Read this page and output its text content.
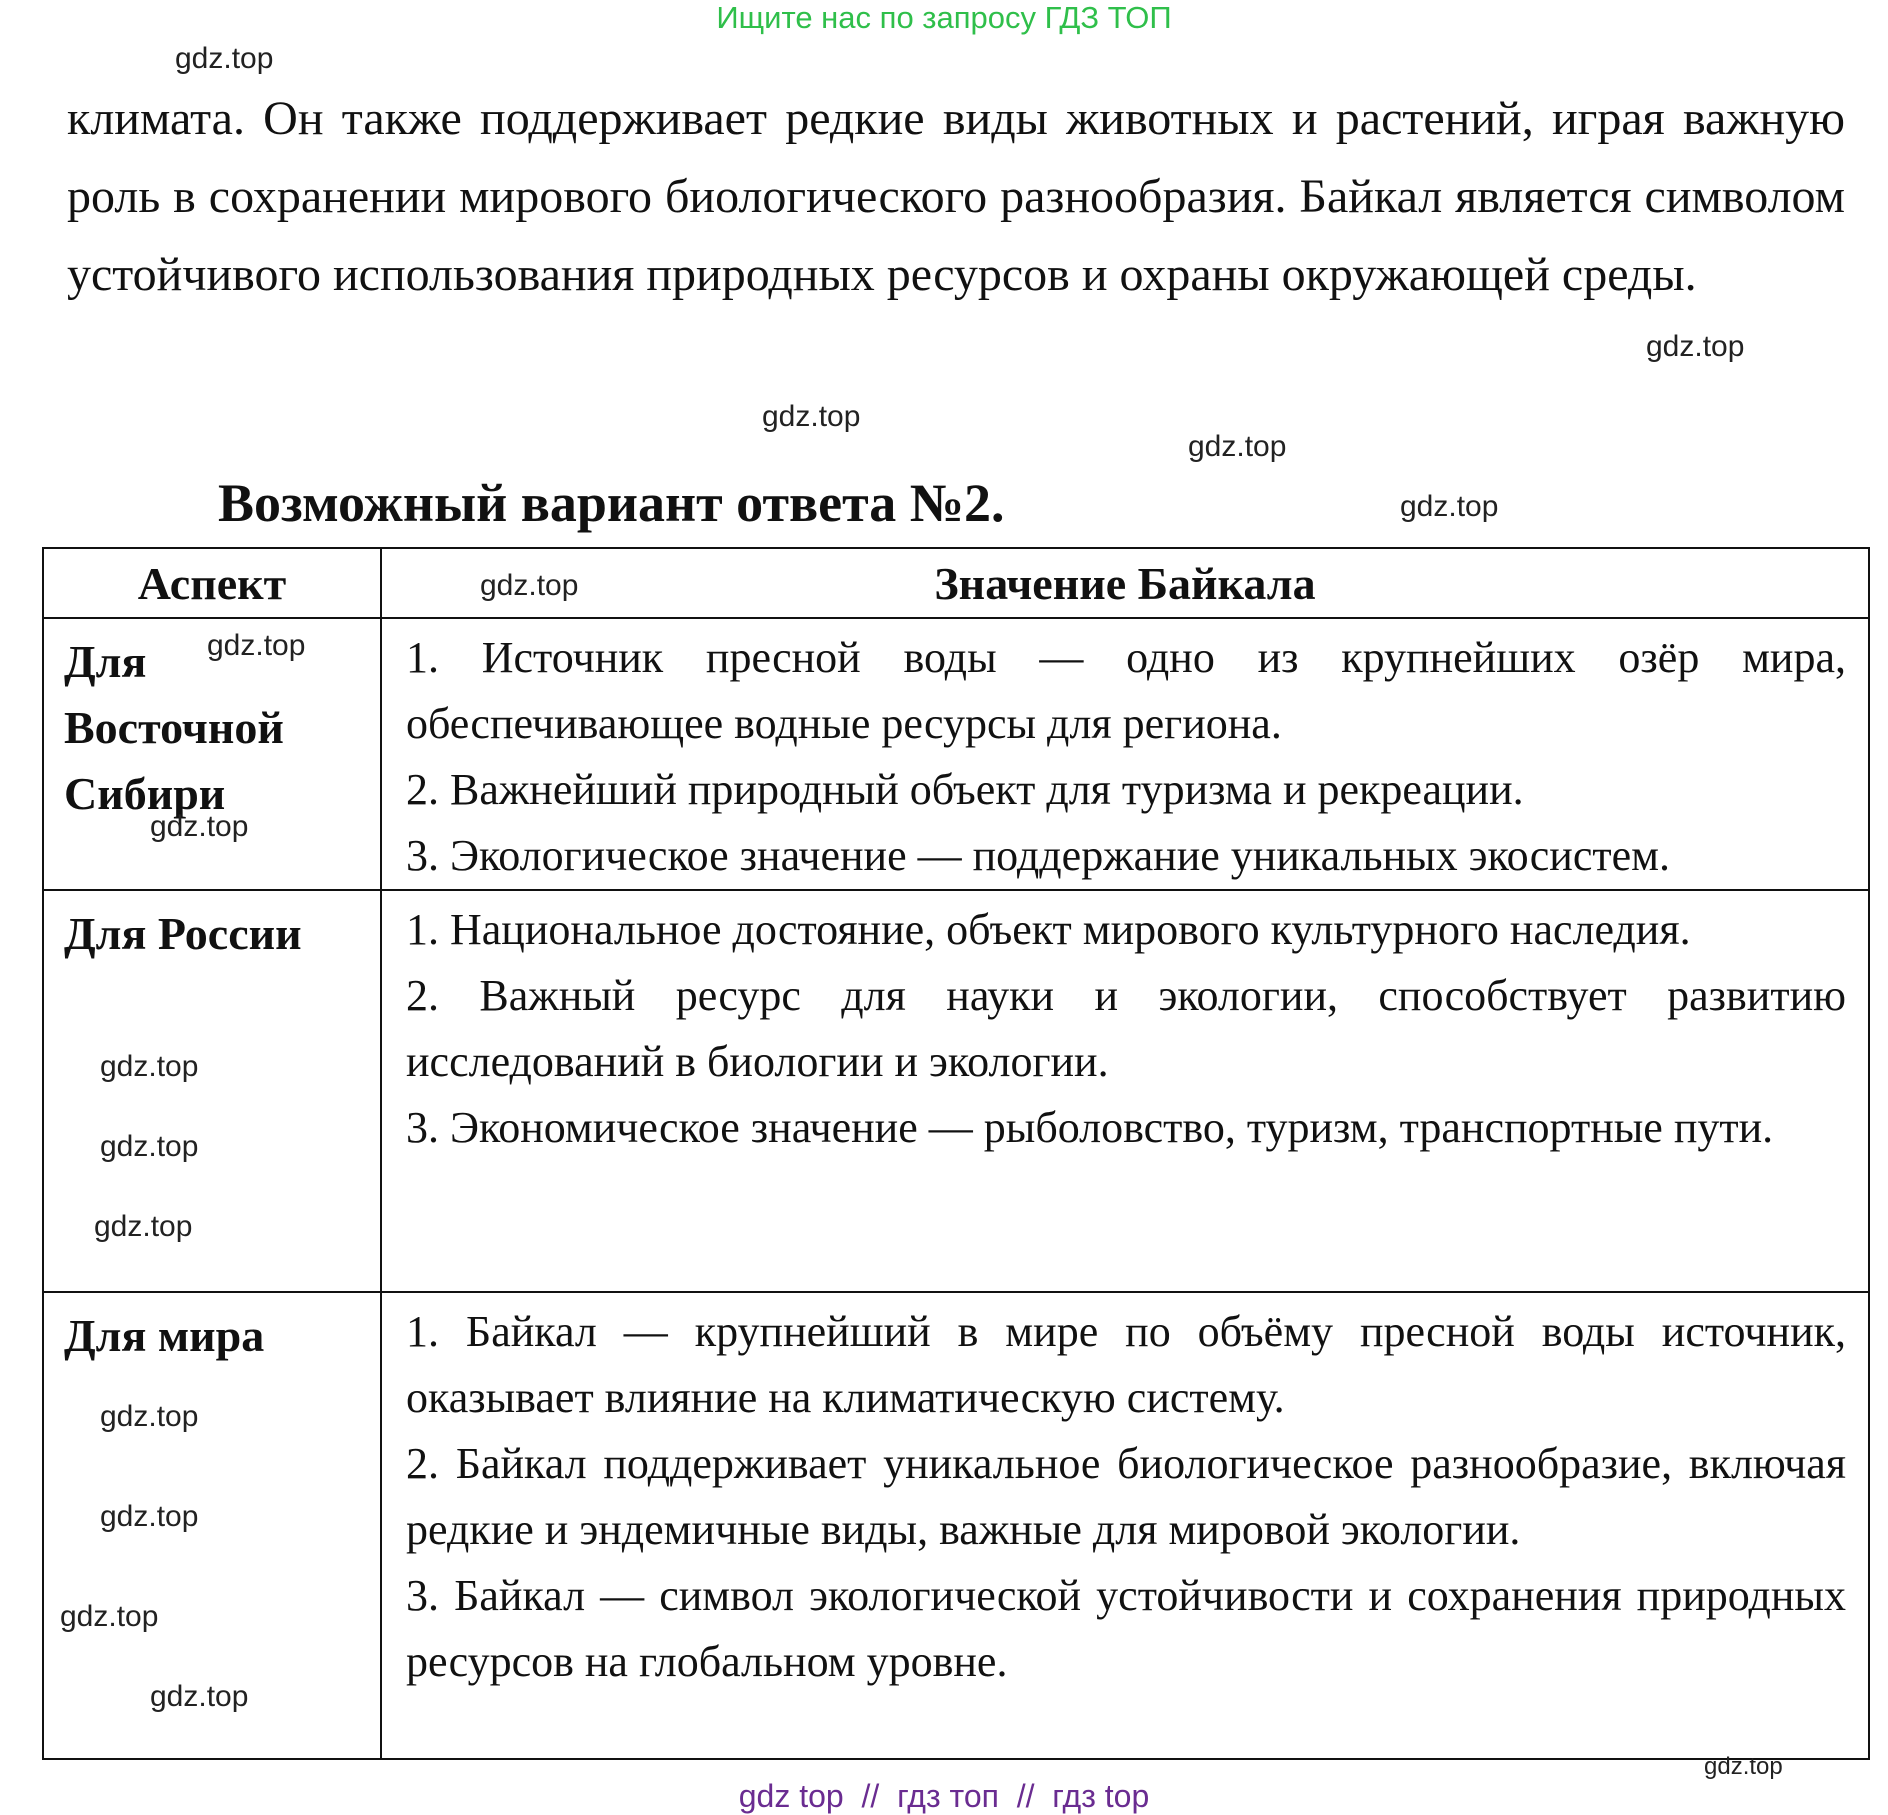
Ищите нас по запросу ГДЗ ТОП
климата. Он также поддерживает редкие виды животных и растений, играя важную роль в сохранении мирового биологического разнообразия. Байкал является символом устойчивого использования природных ресурсов и охраны окружающей среды.
Возможный вариант ответа №2.
Аспект	Значение Байкала
Для Восточной Сибири	1. Источник пресной воды — одно из крупнейших озёр мира, обеспечивающее водные ресурсы для региона.

2. Важнейший природный объект для туризма и рекреации.

3. Экологическое значение — поддержание уникальных экосистем.

Для России	1. Национальное достояние, объект мирового культурного наследия.

2. Важный ресурс для науки и экологии, способствует развитию исследований в биологии и экологии.

3. Экономическое значение — рыболовство, туризм, транспортные пути.

Для мира	1. Байкал — крупнейший в мире по объёму пресной воды источник, оказывает влияние на климатическую систему.

2. Байкал поддерживает уникальное биологическое разнообразие, включая редкие и эндемичные виды, важные для мировой экологии.

3. Байкал — символ экологической устойчивости и сохранения природных ресурсов на глобальном уровне.

gdz.top
gdz.top
gdz.top
gdz.top
gdz.top
gdz.top
gdz.top
gdz.top
gdz.top
gdz.top
gdz.top
gdz.top
gdz.top
gdz.top
gdz.top
gdz.top
gdz top  //  гдз топ  //  гдз top
